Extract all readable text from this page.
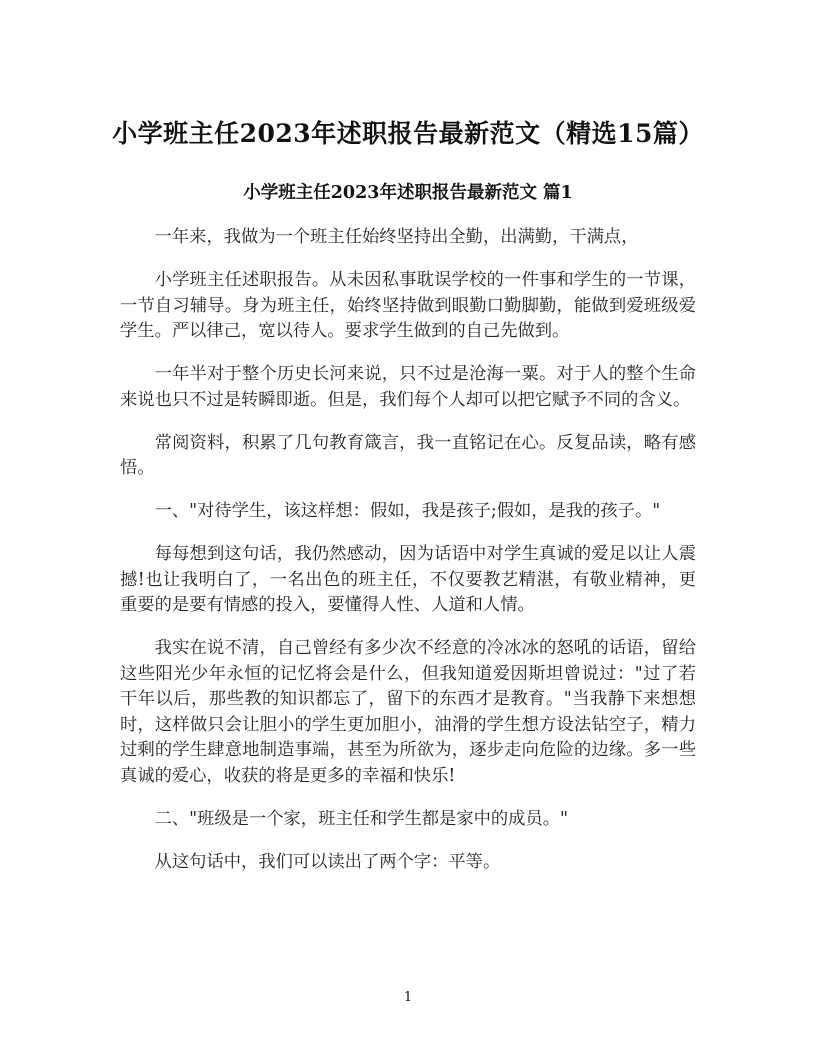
小学班主任2023年述职报告最新范文（精选15篇）
小学班主任2023年述职报告最新范文 篇1

一年来，我做为一个班主任始终坚持出全勤，出满勤，干满点，

小学班主任述职报告。从未因私事耽误学校的一件事和学生的一节课，一节自习辅导。身为班主任，始终坚持做到眼勤口勤脚勤，能做到爱班级爱学生。严以律己，宽以待人。要求学生做到的自己先做到。

一年半对于整个历史长河来说，只不过是沧海一粟。对于人的整个生命来说也只不过是转瞬即逝。但是，我们每个人却可以把它赋予不同的含义。

常阅资料，积累了几句教育箴言，我一直铭记在心。反复品读，略有感悟。

一、"对待学生，该这样想：假如，我是孩子;假如，是我的孩子。"

每每想到这句话，我仍然感动，因为话语中对学生真诚的爱足以让人震撼!也让我明白了，一名出色的班主任，不仅要教艺精湛，有敬业精神，更重要的是要有情感的投入，要懂得人性、人道和人情。

我实在说不清，自己曾经有多少次不经意的冷冰冰的怒吼的话语，留给这些阳光少年永恒的记忆将会是什么，但我知道爱因斯坦曾说过："过了若干年以后，那些教的知识都忘了，留下的东西才是教育。"当我静下来想想时，这样做只会让胆小的学生更加胆小，油滑的学生想方设法钻空子，精力过剩的学生肆意地制造事端，甚至为所欲为，逐步走向危险的边缘。多一些真诚的爱心，收获的将是更多的幸福和快乐!

二、"班级是一个家，班主任和学生都是家中的成员。"

从这句话中，我们可以读出了两个字：平等。

1
